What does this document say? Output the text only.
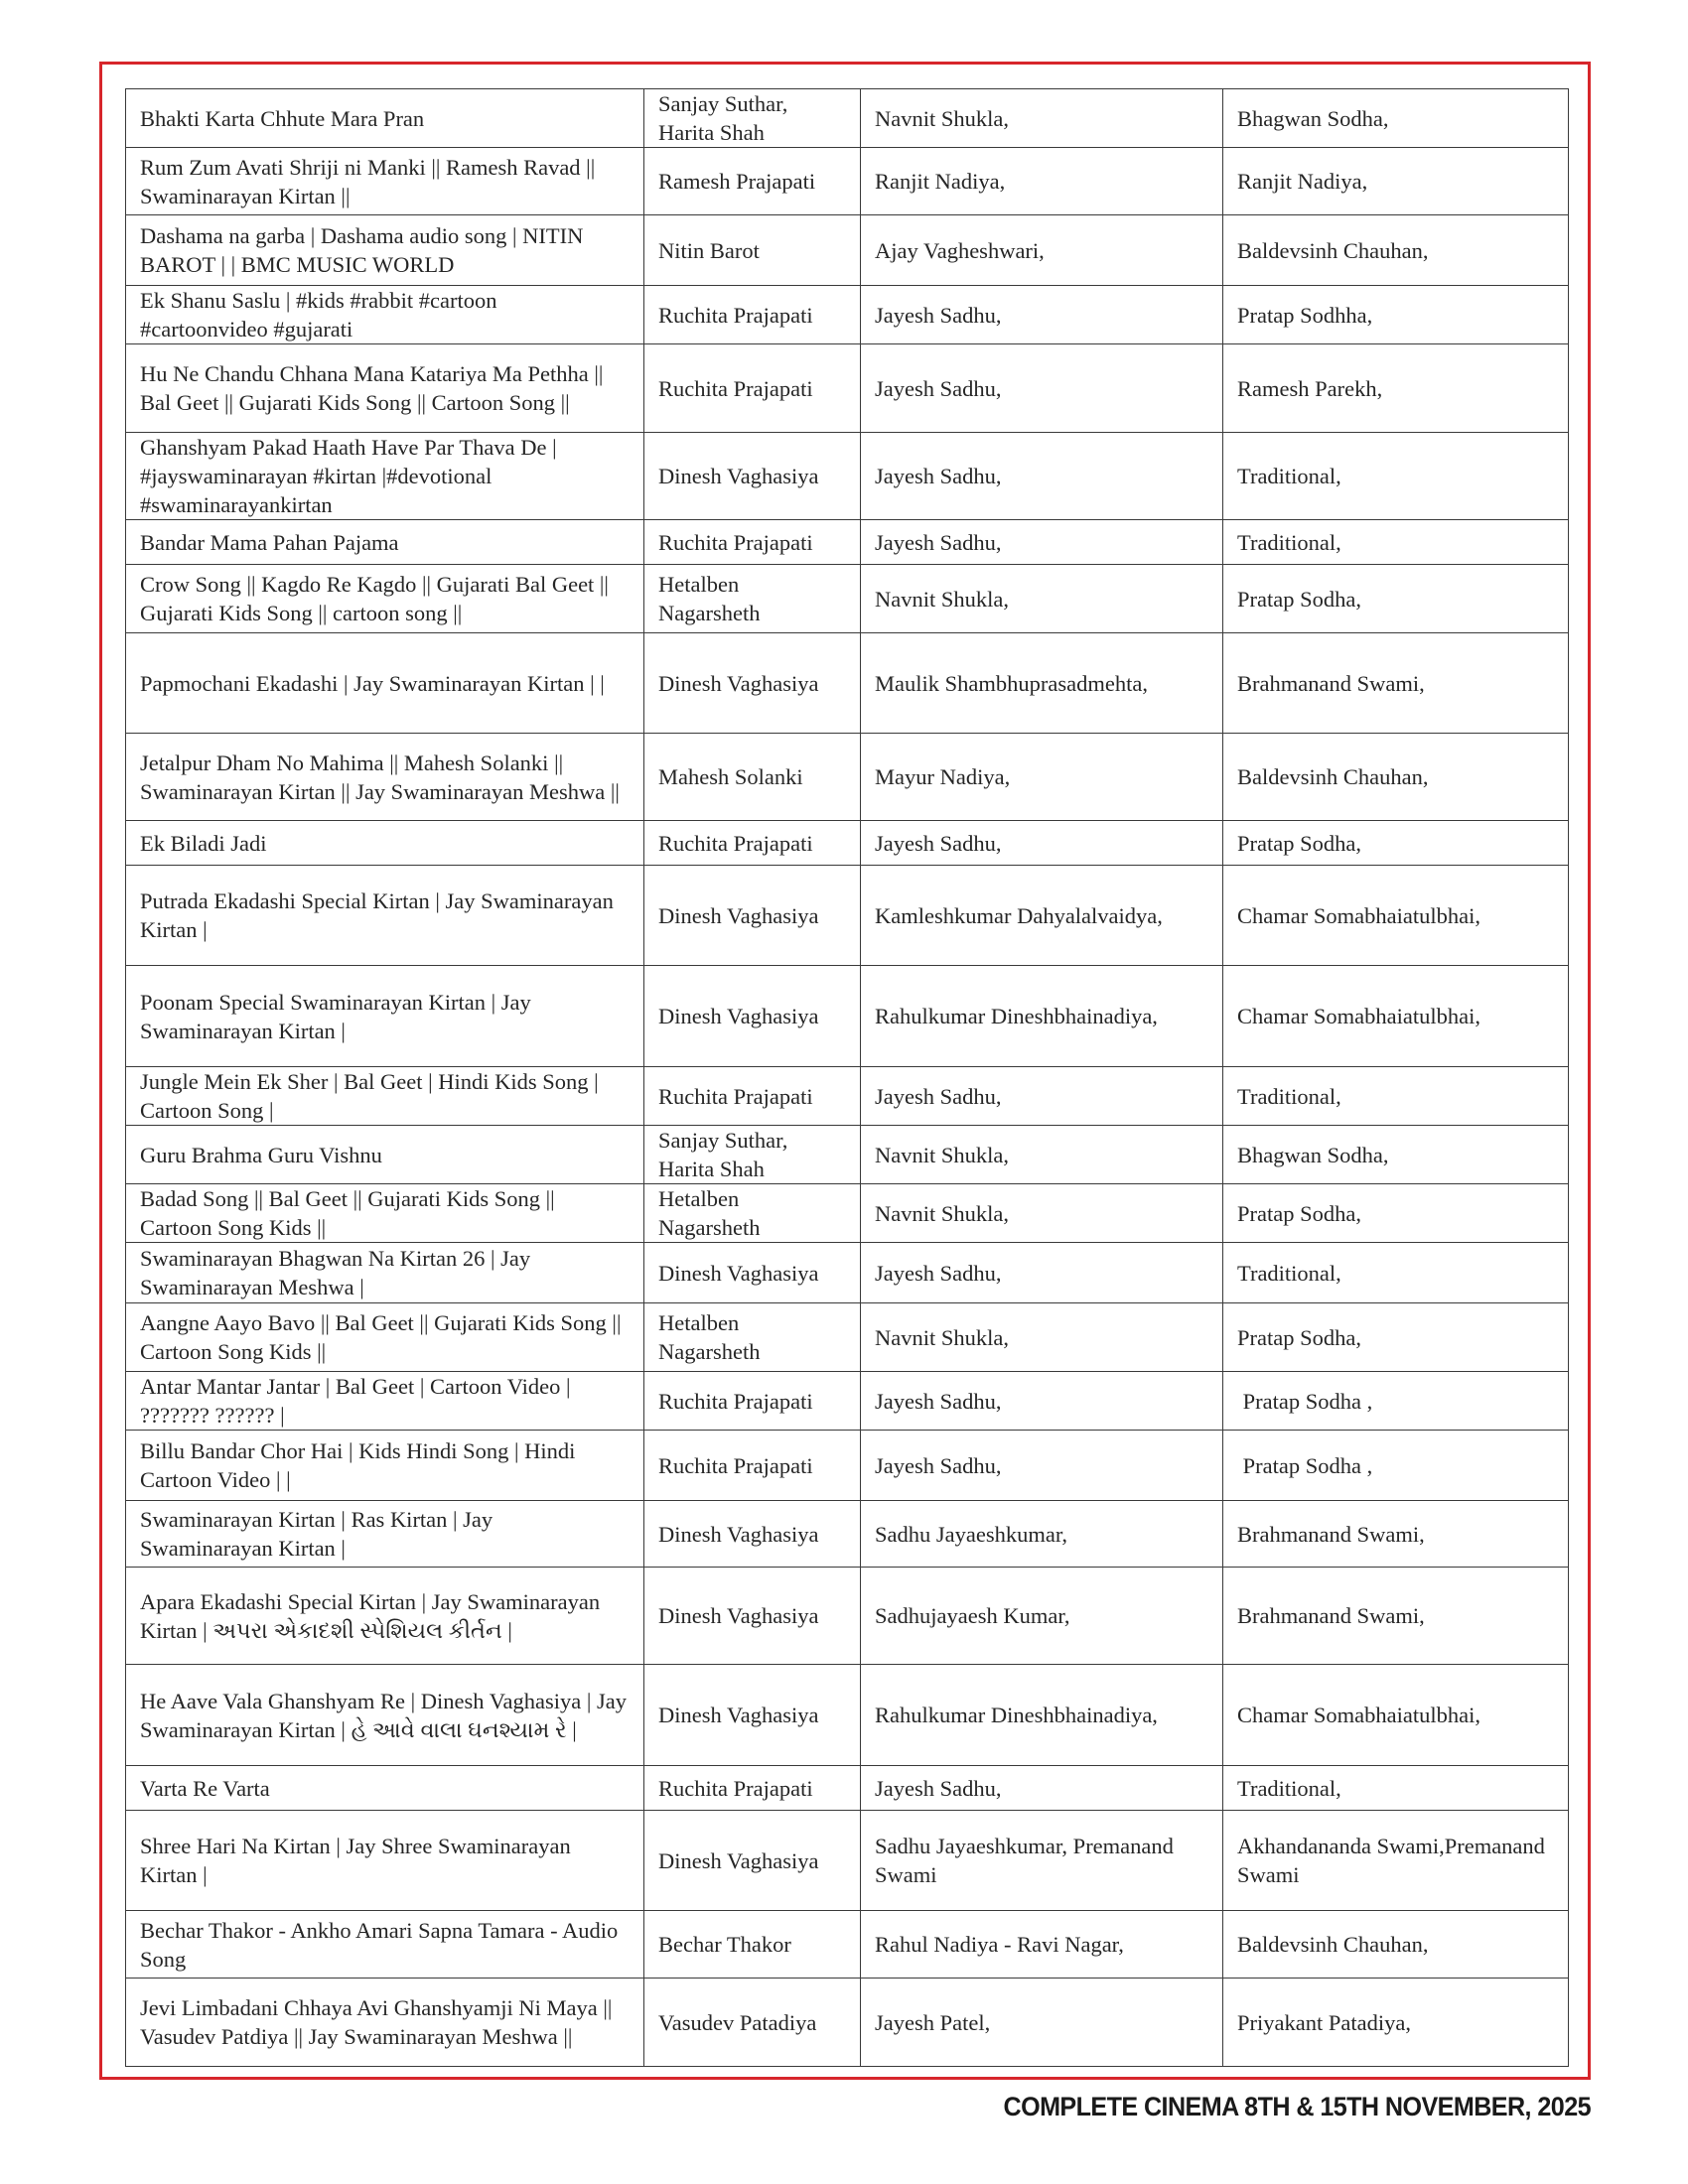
Bhakti Karta Chhute Mara Pran	Sanjay Suthar, Harita Shah	Navnit Shukla,	Bhagwan Sodha,
Rum Zum Avati Shriji ni Manki || Ramesh Ravad || Swaminarayan Kirtan ||	Ramesh Prajapati	Ranjit Nadiya,	Ranjit Nadiya,
Dashama na garba | Dashama audio song | NITIN BAROT | | BMC MUSIC WORLD	Nitin Barot	Ajay Vagheshwari,	Baldevsinh Chauhan,
Ek Shanu Saslu | #kids #rabbit #cartoon #cartoonvideo #gujarati	Ruchita Prajapati	Jayesh Sadhu,	Pratap Sodhha,
Hu Ne Chandu Chhana Mana Katariya Ma Pethha || Bal Geet || Gujarati Kids Song || Cartoon Song ||	Ruchita Prajapati	Jayesh Sadhu,	Ramesh Parekh,
Ghanshyam Pakad Haath Have Par Thava De | #jayswaminarayan #kirtan |#devotional #swaminarayankirtan	Dinesh Vaghasiya	Jayesh Sadhu,	Traditional,
Bandar Mama Pahan Pajama	Ruchita Prajapati	Jayesh Sadhu,	Traditional,
Crow Song || Kagdo Re Kagdo || Gujarati Bal Geet || Gujarati Kids Song || cartoon song ||	Hetalben Nagarsheth	Navnit Shukla,	Pratap Sodha,
Papmochani Ekadashi | Jay Swaminarayan Kirtan | |	Dinesh Vaghasiya	Maulik Shambhuprasadmehta,	Brahmanand Swami,
Jetalpur Dham No Mahima || Mahesh Solanki || Swaminarayan Kirtan || Jay Swaminarayan Meshwa ||	Mahesh Solanki	Mayur Nadiya,	Baldevsinh Chauhan,
Ek Biladi Jadi	Ruchita Prajapati	Jayesh Sadhu,	Pratap Sodha,
Putrada Ekadashi Special Kirtan | Jay Swaminarayan Kirtan |	Dinesh Vaghasiya	Kamleshkumar Dahyalalvaidya,	Chamar Somabhaiatulbhai,
Poonam Special Swaminarayan Kirtan | Jay Swaminarayan Kirtan |	Dinesh Vaghasiya	Rahulkumar Dineshbhainadiya,	Chamar Somabhaiatulbhai,
Jungle Mein Ek Sher | Bal Geet | Hindi Kids Song | Cartoon Song |	Ruchita Prajapati	Jayesh Sadhu,	Traditional,
Guru Brahma Guru Vishnu	Sanjay Suthar, Harita Shah	Navnit Shukla,	Bhagwan Sodha,
Badad Song || Bal Geet || Gujarati Kids Song || Cartoon Song Kids ||	Hetalben Nagarsheth	Navnit Shukla,	Pratap Sodha,
Swaminarayan Bhagwan Na Kirtan 26 | Jay Swaminarayan Meshwa |	Dinesh Vaghasiya	Jayesh Sadhu,	Traditional,
Aangne Aayo Bavo || Bal Geet || Gujarati Kids Song || Cartoon Song Kids ||	Hetalben Nagarsheth	Navnit Shukla,	Pratap Sodha,
Antar Mantar Jantar | Bal Geet | Cartoon Video | ??????? ?????? |	Ruchita Prajapati	Jayesh Sadhu,	Pratap Sodha ,
Billu Bandar Chor Hai | Kids Hindi Song | Hindi Cartoon Video | |	Ruchita Prajapati	Jayesh Sadhu,	Pratap Sodha ,
Swaminarayan Kirtan | Ras Kirtan | Jay Swaminarayan Kirtan |	Dinesh Vaghasiya	Sadhu Jayaeshkumar,	Brahmanand Swami,
Apara Ekadashi Special Kirtan | Jay Swaminarayan Kirtan | અપરા એકાદશી સ્પેશિયલ કીર્તન |	Dinesh Vaghasiya	Sadhujayaesh Kumar,	Brahmanand Swami,
He Aave Vala Ghanshyam Re | Dinesh Vaghasiya | Jay Swaminarayan Kirtan | હે આવે વાલા ઘનશ્યામ રે |	Dinesh Vaghasiya	Rahulkumar Dineshbhainadiya,	Chamar Somabhaiatulbhai,
Varta Re Varta	Ruchita Prajapati	Jayesh Sadhu,	Traditional,
Shree Hari Na Kirtan | Jay Shree Swaminarayan Kirtan |	Dinesh Vaghasiya	Sadhu Jayaeshkumar, Premanand Swami	Akhandananda Swami,Premanand Swami
Bechar Thakor - Ankho Amari Sapna Tamara - Audio Song	Bechar Thakor	Rahul Nadiya - Ravi Nagar,	Baldevsinh Chauhan,
Jevi Limbadani Chhaya Avi Ghanshyamji Ni Maya || Vasudev Patdiya || Jay Swaminarayan Meshwa ||	Vasudev Patadiya	Jayesh Patel,	Priyakant Patadiya,
COMPLETE CINEMA 8TH & 15TH NOVEMBER, 2025
